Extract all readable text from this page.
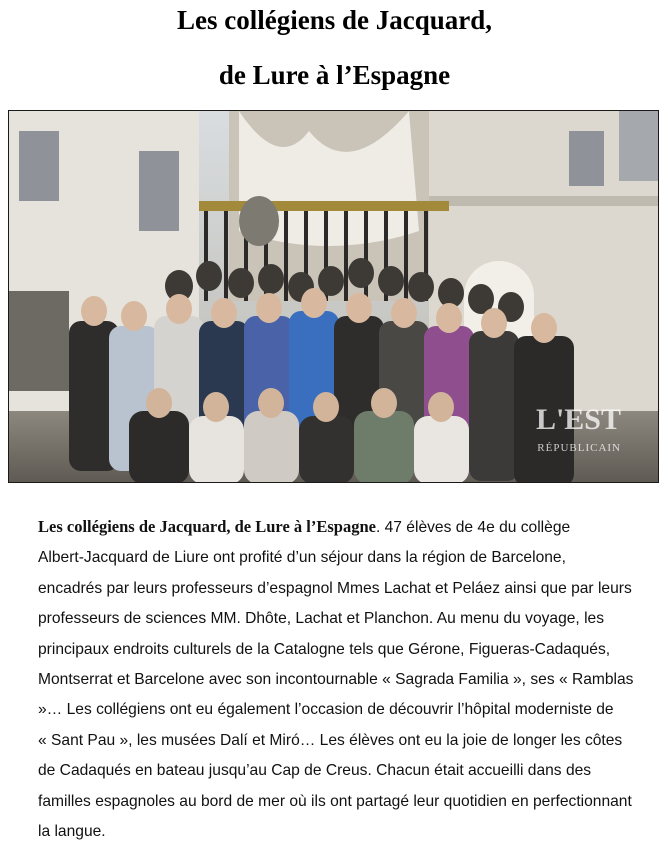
Les collégiens de Jacquard,
de Lure à l’Espagne
L'EST
RÉPUBLICAIN
Les collégiens de Jacquard, de Lure à l’Espagne. 47 élèves de 4e du collège
Albert-Jacquard de Liure ont profité d’un séjour dans la région de Barcelone,
encadrés par leurs professeurs d’espagnol Mmes Lachat et Peláez ainsi que par leurs
professeurs de sciences MM. Dhôte, Lachat et Planchon. Au menu du voyage, les
principaux endroits culturels de la Catalogne tels que Gérone, Figueras-Cadaqués,
Montserrat et Barcelone avec son incontournable « Sagrada Familia », ses « Ramblas
»… Les collégiens ont eu également l’occasion de découvrir l’hôpital moderniste de
« Sant Pau », les musées Dalí et Miró… Les élèves ont eu la joie de longer les côtes
de Cadaqués en bateau jusqu’au Cap de Creus. Chacun était accueilli dans des
familles espagnoles au bord de mer où ils ont partagé leur quotidien en perfectionnant
la langue.
